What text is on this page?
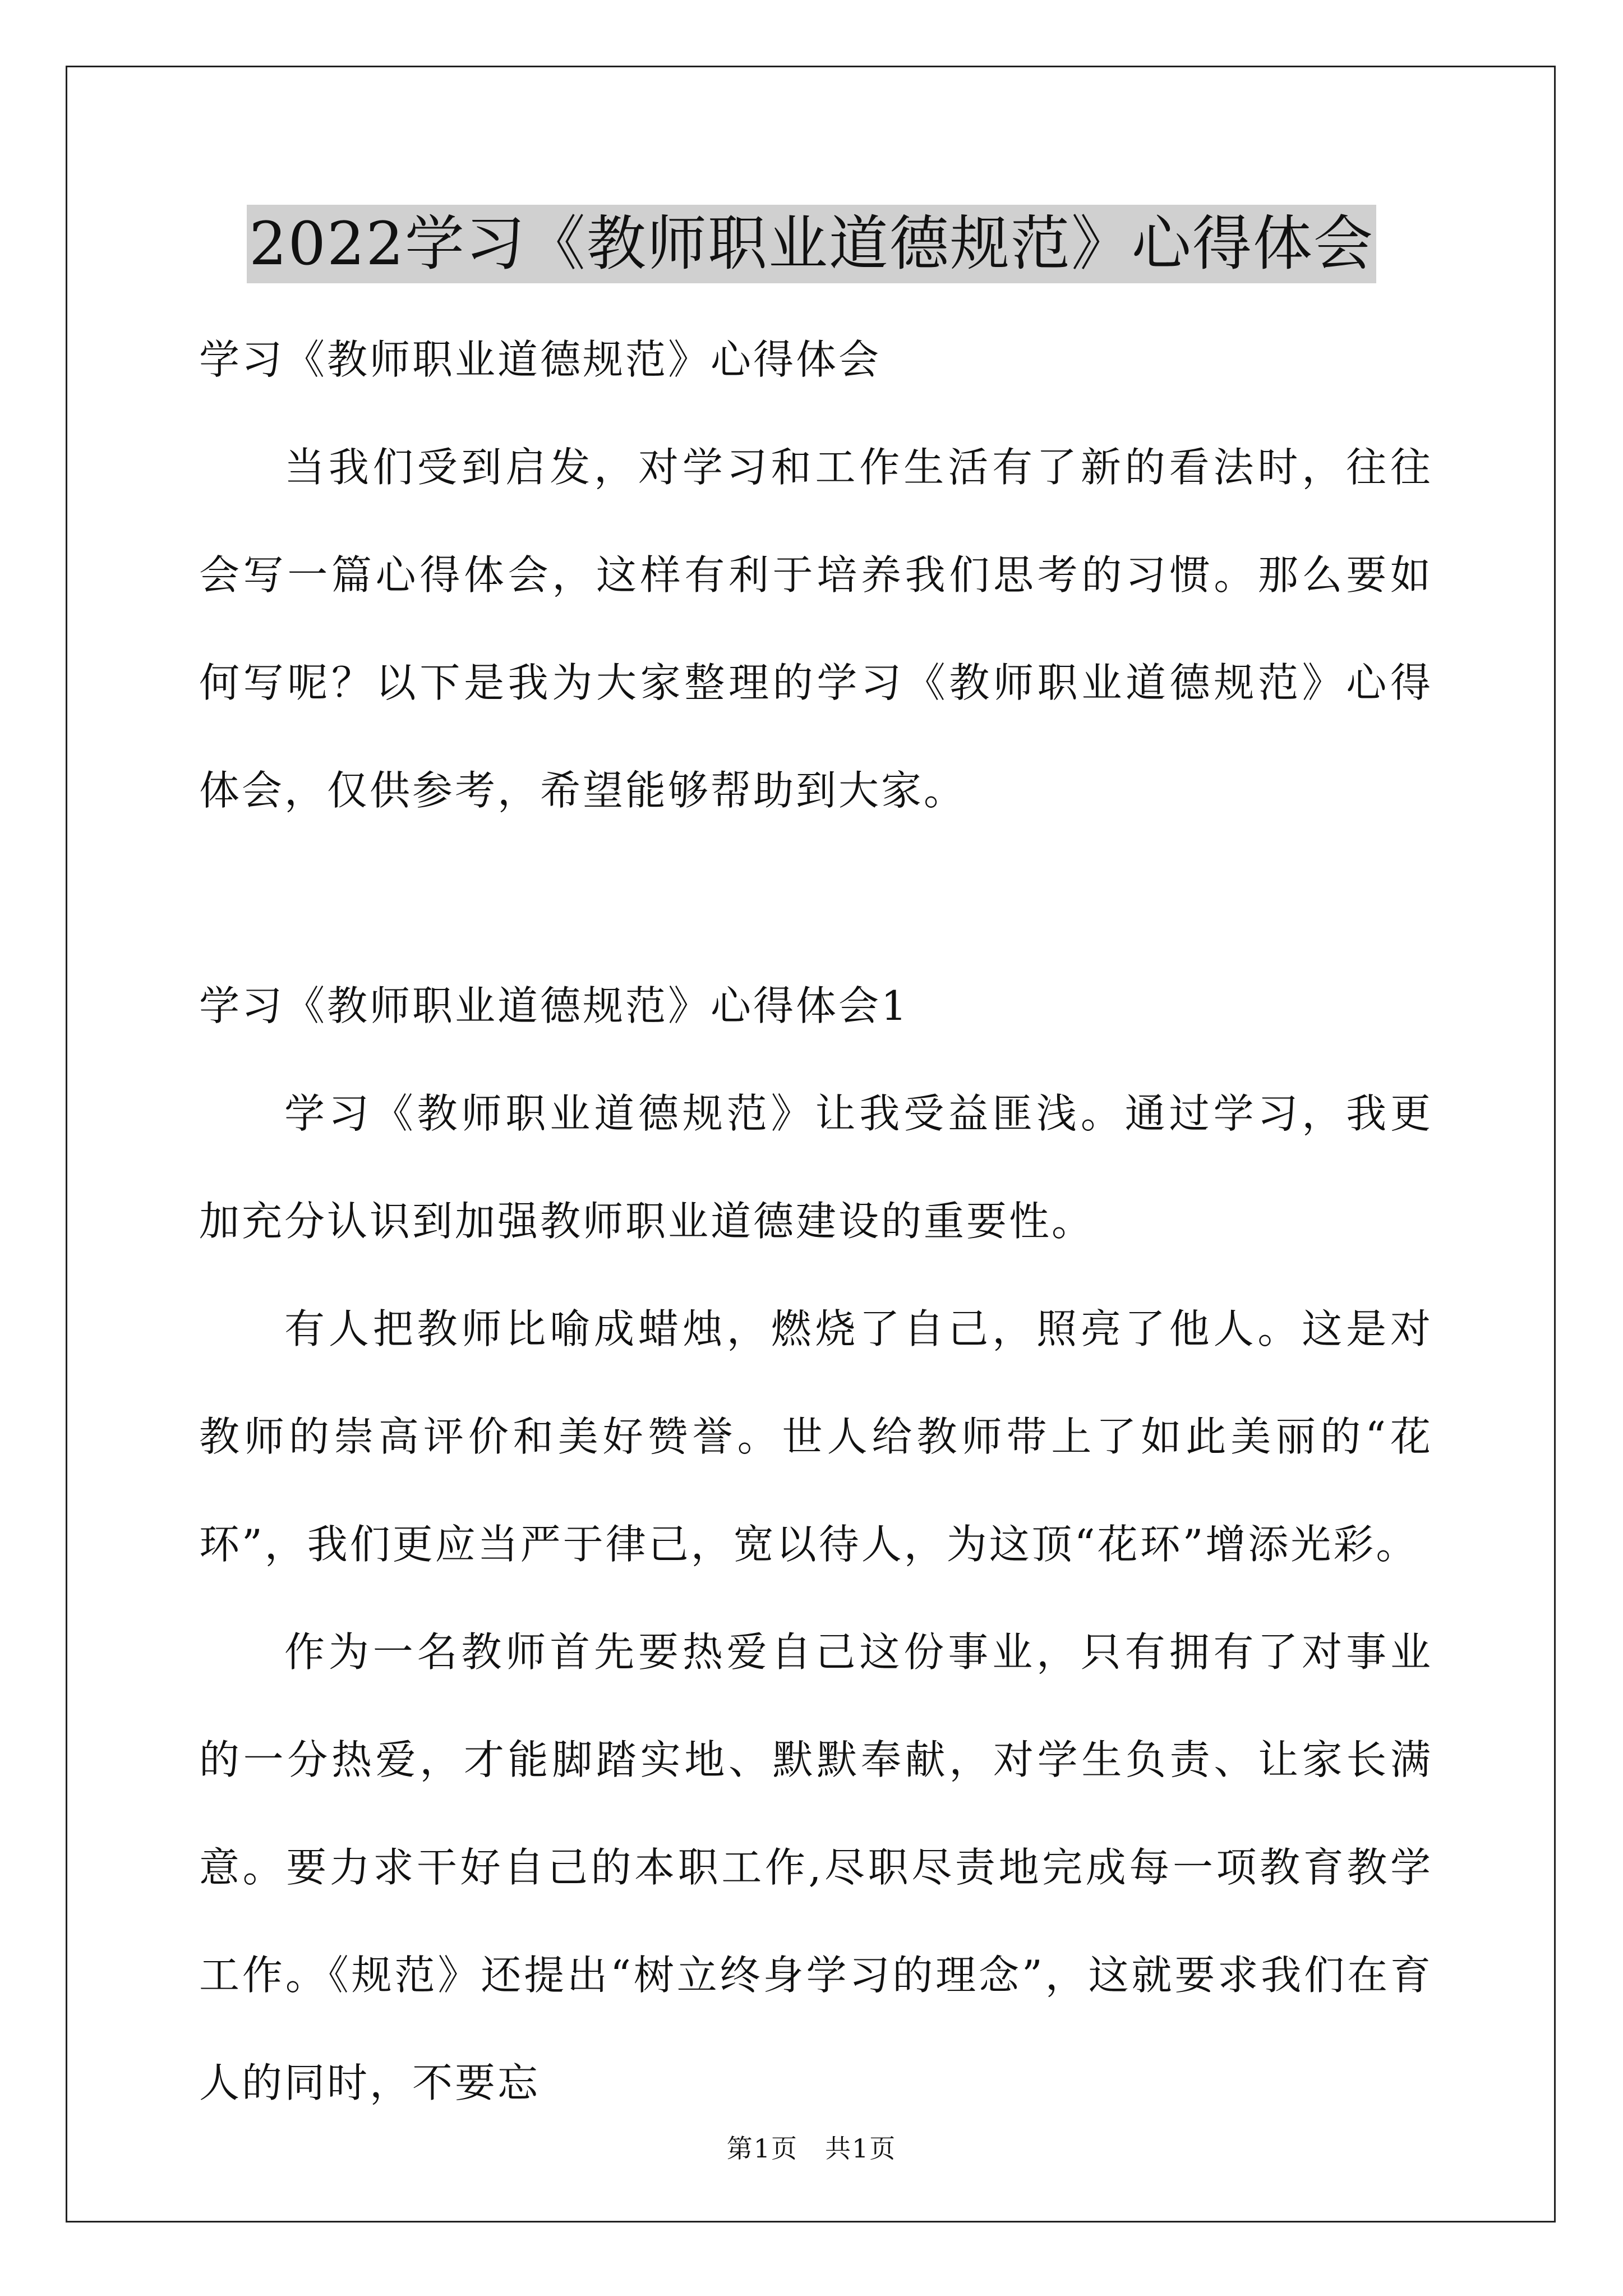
2022学习《教师职业道德规范》心得体会

学习《教师职业道德规范》心得体会

当我们受到启发，对学习和工作生活有了新的看法时，往往会写一篇心得体会，这样有利于培养我们思考的习惯。那么要如何写呢？以下是我为大家整理的学习《教师职业道德规范》心得体会，仅供参考，希望能够帮助到大家。

学习《教师职业道德规范》心得体会1

学习《教师职业道德规范》让我受益匪浅。通过学习，我更加充分认识到加强教师职业道德建设的重要性。

有人把教师比喻成蜡烛，燃烧了自己，照亮了他人。这是对教师的崇高评价和美好赞誉。世人给教师带上了如此美丽的“花环”，我们更应当严于律己，宽以待人，为这顶“花环”增添光彩。

作为一名教师首先要热爱自己这份事业，只有拥有了对事业的一分热爱，才能脚踏实地、默默奉献，对学生负责、让家长满意。要力求干好自己的本职工作,尽职尽责地完成每一项教育教学工作。《规范》还提出“树立终身学习的理念”，这就要求我们在育人的同时，不要忘

第1页　共1页
